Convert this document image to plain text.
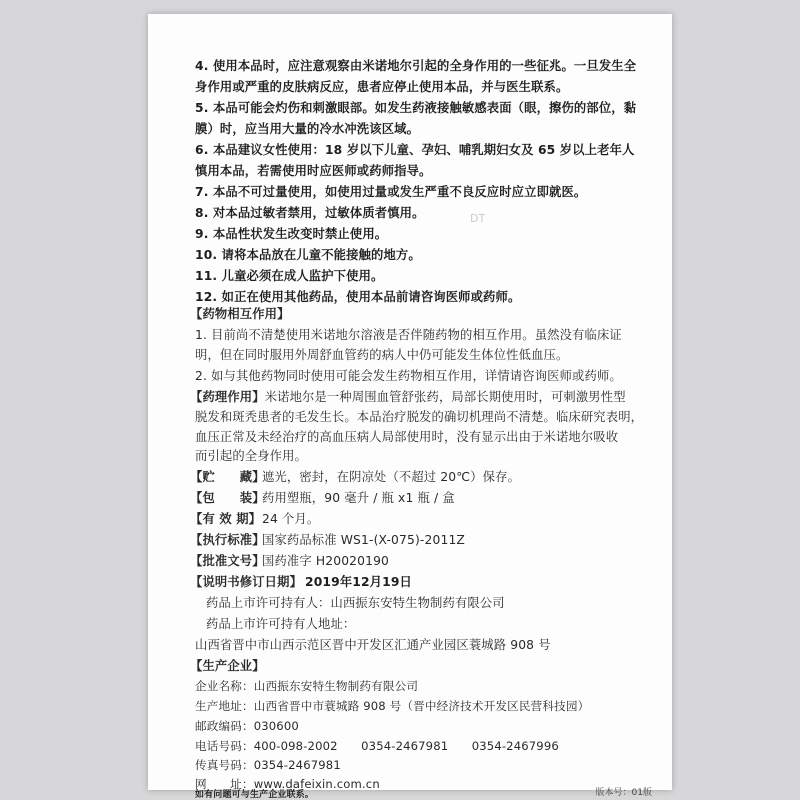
DT
4. 使用本品时，应注意观察由米诺地尔引起的全身作用的一些征兆。一旦发生全
身作用或严重的皮肤病反应，患者应停止使用本品，并与医生联系。
5. 本品可能会灼伤和刺激眼部。如发生药液接触敏感表面（眼，擦伤的部位，黏
膜）时，应当用大量的冷水冲洗该区域。
6. 本品建议女性使用：18 岁以下儿童、孕妇、哺乳期妇女及 65 岁以上老年人
慎用本品，若需使用时应医师或药师指导。
7. 本品不可过量使用，如使用过量或发生严重不良反应时应立即就医。
8. 对本品过敏者禁用，过敏体质者慎用。
9. 本品性状发生改变时禁止使用。
10. 请将本品放在儿童不能接触的地方。
11. 儿童必须在成人监护下使用。
12. 如正在使用其他药品，使用本品前请咨询医师或药师。
【药物相互作用】
1. 目前尚不清楚使用米诺地尔溶液是否伴随药物的相互作用。虽然没有临床证
明，但在同时服用外周舒血管药的病人中仍可能发生体位性低血压。
2. 如与其他药物同时使用可能会发生药物相互作用，详情请咨询医师或药师。
【药理作用】米诺地尔是一种周围血管舒张药，局部长期使用时，可刺激男性型
脱发和斑秃患者的毛发生长。本品治疗脱发的确切机理尚不清楚。临床研究表明，
血压正常及未经治疗的高血压病人局部使用时，没有显示出由于米诺地尔吸收
而引起的全身作用。
【贮　　藏】遮光，密封，在阴凉处（不超过 20℃）保存。
【包　　装】药用塑瓶，90 毫升 / 瓶 x1 瓶 / 盒
【有 效 期】24 个月。
【执行标准】国家药品标准 WS1-(X-075)-2011Z
【批准文号】国药准字 H20020190
【说明书修订日期】 2019年12月19日
药品上市许可持有人：山西振东安特生物制药有限公司
药品上市许可持有人地址：
山西省晋中市山西示范区晋中开发区汇通产业园区蓑城路 908 号
【生产企业】
企业名称：山西振东安特生物制药有限公司
生产地址：山西省晋中市蓑城路 908 号（晋中经济技术开发区民营科技园）
邮政编码：030600
电话号码：400-098-2002　　0354-2467981　　0354-2467996
传真号码：0354-2467981
网　　址：www.dafeixin.com.cn
如有问题可与生产企业联系。	版本号：01版
